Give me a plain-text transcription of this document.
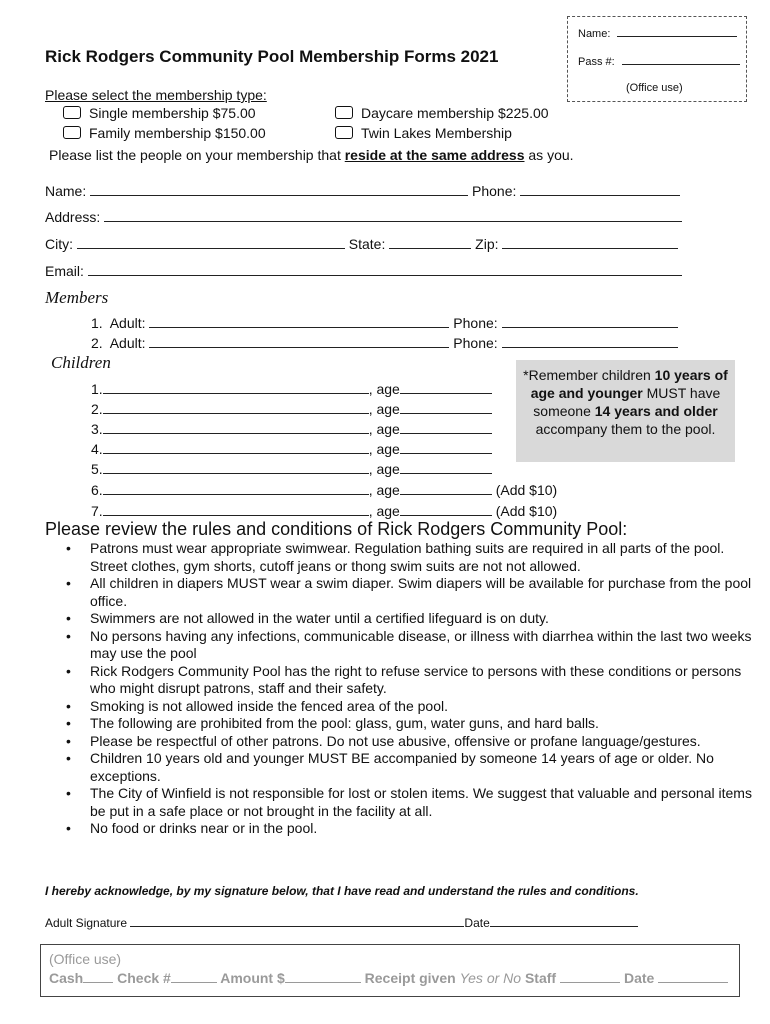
Name:
Pass #:
(Office use)
Rick Rodgers Community Pool Membership Forms 2021
Please select the membership type:
Single membership $75.00	Daycare membership $225.00
Family membership $150.00	Twin Lakes Membership
Please list the people on your membership that reside at the same address as you.
Name:	Phone:
Address:
City:	State:	Zip:
Email:
Members
1. Adult:	Phone:
2. Adult:	Phone:
Children
1.	, age
2.	, age
3.	, age
4.	, age
5.	, age
6.	, age	(Add $10)
7.	, age	(Add $10)
*Remember children 10 years of age and younger MUST have someone 14 years and older accompany them to the pool.
Please review the rules and conditions of Rick Rodgers Community Pool:
• Patrons must wear appropriate swimwear. Regulation bathing suits are required in all parts of the pool. Street clothes, gym shorts, cutoff jeans or thong swim suits are not not allowed.
• All children in diapers MUST wear a swim diaper. Swim diapers will be available for purchase from the pool office.
• Swimmers are not allowed in the water until a certified lifeguard is on duty.
• No persons having any infections, communicable disease, or illness with diarrhea within the last two weeks may use the pool
• Rick Rodgers Community Pool has the right to refuse service to persons with these conditions or persons who might disrupt patrons, staff and their safety.
• Smoking is not allowed inside the fenced area of the pool.
• The following are prohibited from the pool: glass, gum, water guns, and hard balls.
• Please be respectful of other patrons. Do not use abusive, offensive or profane language/gestures.
• Children 10 years old and younger MUST BE accompanied by someone 14 years of age or older. No exceptions.
• The City of Winfield is not responsible for lost or stolen items. We suggest that valuable and personal items be put in a safe place or not brought in the facility at all.
• No food or drinks near or in the pool.
I hereby acknowledge, by my signature below, that I have read and understand the rules and conditions.
Adult Signature	Date
(Office use)
Cash Check #	Amount $	Receipt given Yes or No Staff	Date
